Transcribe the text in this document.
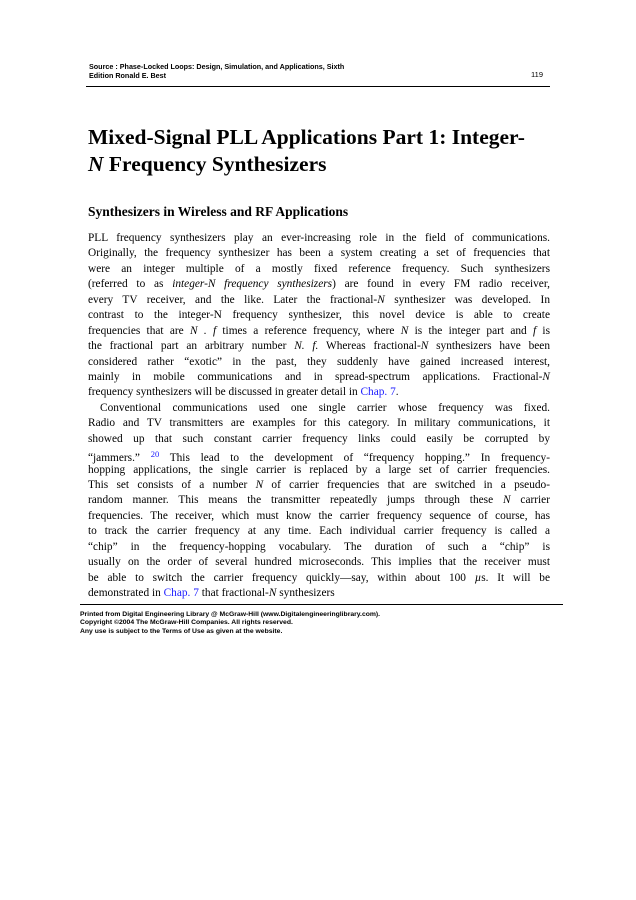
Source : Phase-Locked Loops: Design, Simulation, and Applications, Sixth
Edition Ronald E. Best	119
Mixed-Signal PLL Applications Part 1: Integer-
N Frequency Synthesizers
Synthesizers in Wireless and RF Applications
PLL frequency synthesizers play an ever-increasing role in the field of communications.
Originally, the frequency synthesizer has been a system creating a set of frequencies that
were an integer multiple of a mostly fixed reference frequency. Such synthesizers
(referred to as integer-N frequency synthesizers) are found in every FM radio receiver,
every TV receiver, and the like. Later the fractional-N synthesizer was developed. In
contrast to the integer-N frequency synthesizer, this novel device is able to create
frequencies that are N . f times a reference frequency, where N is the integer part and f is
the fractional part an arbitrary number N. f. Whereas fractional-N synthesizers have been
considered rather “exotic” in the past, they suddenly have gained increased interest,
mainly in mobile communications and in spread-spectrum applications. Fractional-N
frequency synthesizers will be discussed in greater detail in Chap. 7.
Conventional communications used one single carrier whose frequency was fixed.
Radio and TV transmitters are examples for this category. In military communications, it
showed up that such constant carrier frequency links could easily be corrupted by
“jammers.” $^{20}$ This lead to the development of “frequency hopping.” In frequency-
hopping applications, the single carrier is replaced by a large set of carrier frequencies.
This set consists of a number N of carrier frequencies that are switched in a pseudo-
random manner. This means the transmitter repeatedly jumps through these N carrier
frequencies. The receiver, which must know the carrier frequency sequence of course, has
to track the carrier frequency at any time. Each individual carrier frequency is called a
“chip” in the frequency-hopping vocabulary. The duration of such a “chip” is
usually on the order of several hundred microseconds. This implies that the receiver must
be able to switch the carrier frequency quickly—say, within about 100 µs. It will be
demonstrated in Chap. 7 that fractional-N synthesizers
Printed from Digital Engineering Library @ McGraw-Hill (www.Digitalengineeringlibrary.com).
Copyright ©2004 The McGraw-Hill Companies. All rights reserved.
Any use is subject to the Terms of Use as given at the website.
